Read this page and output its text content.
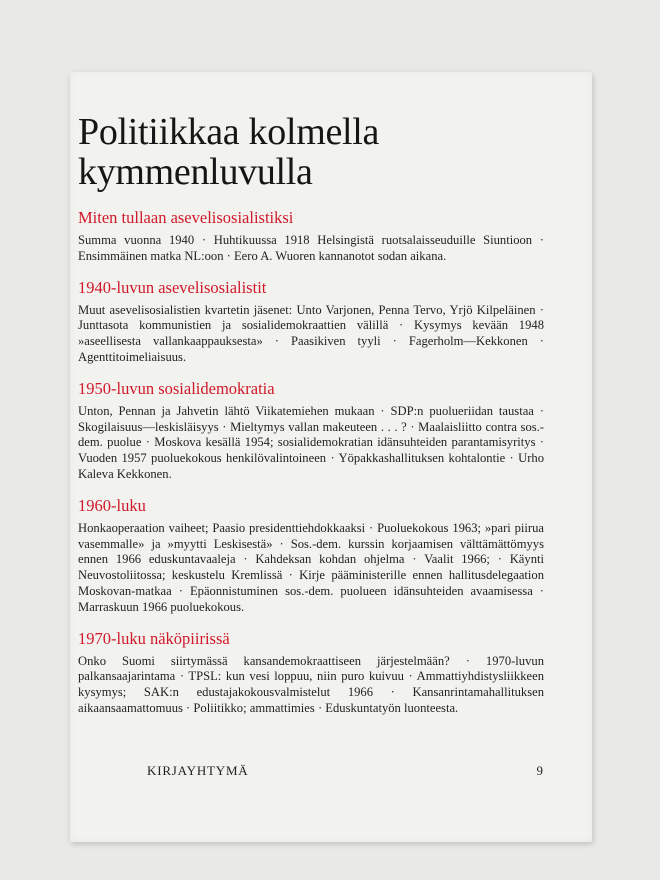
Politiikkaa kolmella
kymmenluvulla
Miten tullaan asevelisosialistiksi

Summa vuonna 1940 · Huhtikuussa 1918 Helsingistä ruotsalaisseuduille Siuntioon · Ensimmäinen matka NL:oon · Eero A. Wuoren kannanotot sodan aikana.

1940-luvun asevelisosialistit

Muut asevelisosialistien kvartetin jäsenet: Unto Varjonen, Penna Tervo, Yrjö Kilpeläinen · Junttasota kommunistien ja sosialidemokraattien välillä · Kysymys kevään 1948 »aseellisesta vallankaappauksesta» · Paasikiven tyyli · Fagerholm—Kekkonen · Agenttitoimeliaisuus.

1950-luvun sosialidemokratia

Unton, Pennan ja Jahvetin lähtö Viikatemiehen mukaan · SDP:n puolueriidan taustaa · Skogilaisuus—leskisläisyys · Mieltymys vallan makeuteen . . . ? · Maalaisliitto contra sos.-dem. puolue · Moskova kesällä 1954; sosialidemokratian idänsuhteiden parantamisyritys · Vuoden 1957 puoluekokous henkilövalintoineen · Yöpakkashallituksen kohtalontie · Urho Kaleva Kekkonen.

1960-luku

Honkaoperaation vaiheet; Paasio presidenttiehdokkaaksi · Puoluekokous 1963; »pari piirua vasemmalle» ja »myytti Leskisestä» · Sos.-dem. kurssin korjaamisen välttämättömyys ennen 1966 eduskuntavaaleja · Kahdeksan kohdan ohjelma · Vaalit 1966; · Käynti Neuvostoliitossa; keskustelu Kremlissä · Kirje pääministerille ennen hallitusdelegaation Moskovan-matkaa · Epäonnistuminen sos.-dem. puolueen idänsuhteiden avaamisessa · Marraskuun 1966 puoluekokous.

1970-luku näköpiirissä

Onko Suomi siirtymässä kansandemokraattiseen järjestelmään? · 1970-luvun palkansaajarintama · TPSL: kun vesi loppuu, niin puro kuivuu · Ammattiyhdistysliikkeen kysymys; SAK:n edustajakokousvalmistelut 1966 · Kansanrintamahallituksen aikaansaamattomuus · Poliitikko; ammattimies · Eduskuntatyön luonteesta.

KIRJAYHTYMÄ	9
